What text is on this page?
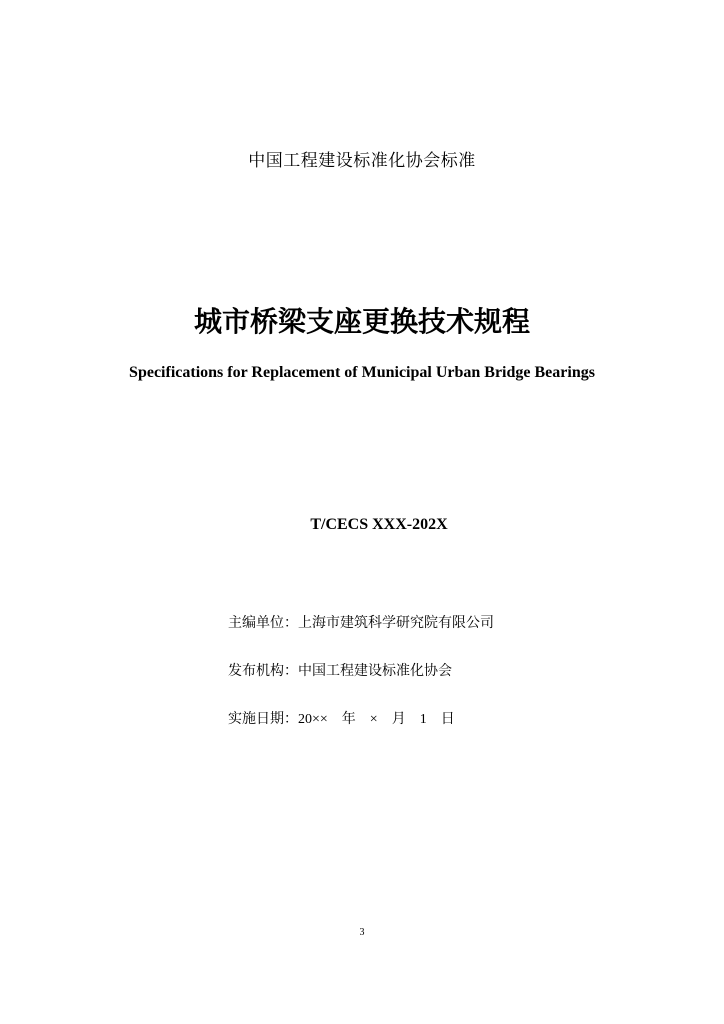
中国工程建设标准化协会标准
城市桥梁支座更换技术规程
Specifications for Replacement of Municipal Urban Bridge Bearings
T/CECS XXX-202X
主编单位：上海市建筑科学研究院有限公司
发布机构：中国工程建设标准化协会
实施日期：20×× 年 × 月 1 日
3
